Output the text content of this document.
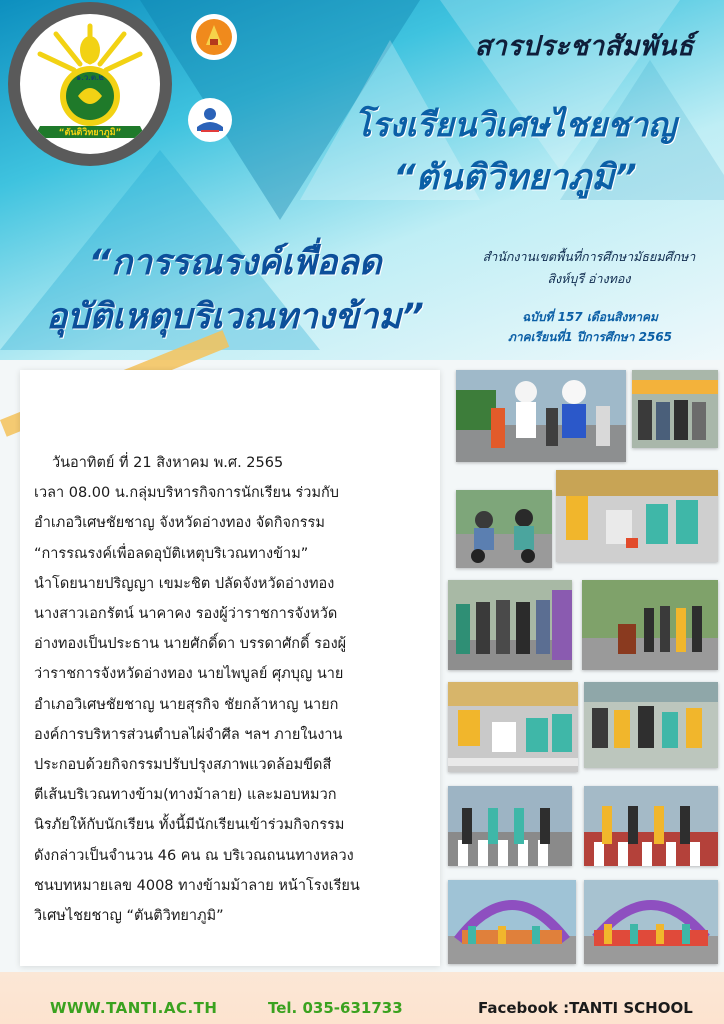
๑.ว.ต.๒
“ตันติวิทยาภูมิ”
สารประชาสัมพันธ์
โรงเรียนวิเศษไชยชาญ
“ตันติวิทยาภูมิ”
“การรณรงค์เพื่อลด
อุบัติเหตุบริเวณทางข้าม”
สำนักงานเขตพื้นที่การศึกษามัธยมศึกษา
สิงห์บุรี อ่างทอง
ฉบับที่ 157 เดือนสิงหาคม
ภาคเรียนที่1 ปีการศึกษา 2565
วันอาทิตย์ ที่ 21 สิงหาคม พ.ศ. 2565
เวลา 08.00 น.กลุ่มบริหารกิจการนักเรียน ร่วมกับ
อำเภอวิเศษชัยชาญ จังหวัดอ่างทอง จัดกิจกรรม
“การรณรงค์เพื่อลดอุบัติเหตุบริเวณทางข้าม”
นำโดยนายปริญญา เขมะชิต ปลัดจังหวัดอ่างทอง
นางสาวเอกรัตน์ นาคาคง รองผู้ว่าราชการจังหวัด
อ่างทองเป็นประธาน นายศักดิ์ดา บรรดาศักดิ์ รองผู้
ว่าราชการจังหวัดอ่างทอง นายไพบูลย์ ศุภบุญ นาย
อำเภอวิเศษชัยชาญ นายสุรกิจ ชัยกล้าหาญ นายก
องค์การบริหารส่วนตำบลไผ่จำศีล ฯลฯ ภายในงาน
ประกอบด้วยกิจกรรมปรับปรุงสภาพแวดล้อมขีดสี
ตีเส้นบริเวณทางข้าม(ทางม้าลาย) และมอบหมวก
นิรภัยให้กับนักเรียน ทั้งนี้มีนักเรียนเข้าร่วมกิจกรรม
ดังกล่าวเป็นจำนวน 46 คน ณ บริเวณถนนทางหลวง
ชนบทหมายเลข 4008 ทางข้ามม้าลาย หน้าโรงเรียน
วิเศษไชยชาญ “ตันติวิทยาภูมิ”
WWW.TANTI.AC.TH	Tel. 035-631733	Facebook :TANTI SCHOOL
